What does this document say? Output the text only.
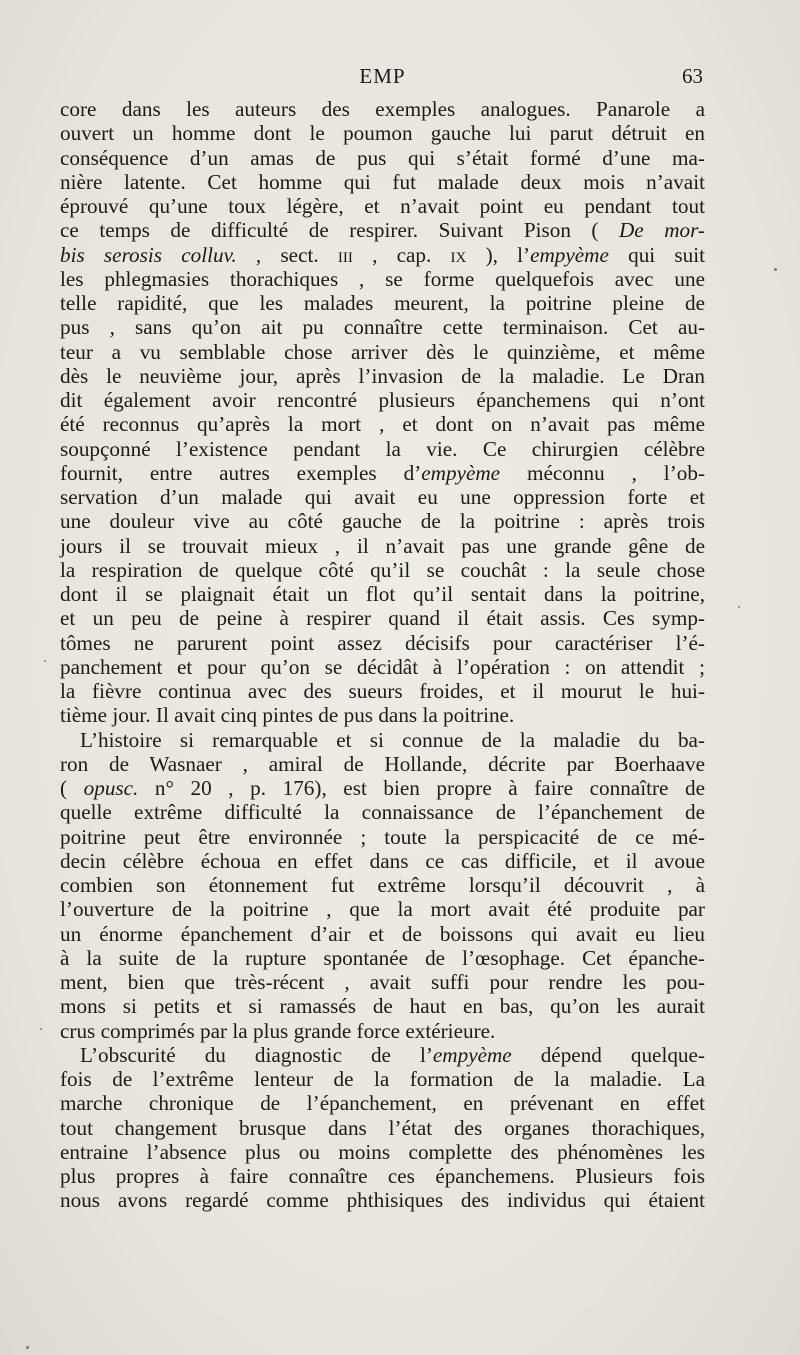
EMP	63
core dans les auteurs des exemples analogues. Panarole a
ouvert un homme dont le poumon gauche lui parut détruit en
conséquence d’un amas de pus qui s’était formé d’une ma-
nière latente. Cet homme qui fut malade deux mois n’avait
éprouvé qu’une toux légère, et n’avait point eu pendant tout
ce temps de difficulté de respirer. Suivant Pison ( De mor-
bis serosis colluv. , sect. iii , cap. ix ), l’empyème qui suit
les phlegmasies thorachiques , se forme quelquefois avec une
telle rapidité, que les malades meurent, la poitrine pleine de
pus , sans qu’on ait pu connaître cette terminaison. Cet au-
teur a vu semblable chose arriver dès le quinzième, et même
dès le neuvième jour, après l’invasion de la maladie. Le Dran
dit également avoir rencontré plusieurs épanchemens qui n’ont
été reconnus qu’après la mort , et dont on n’avait pas même
soupçonné l’existence pendant la vie. Ce chirurgien célèbre
fournit, entre autres exemples d’empyème méconnu , l’ob-
servation d’un malade qui avait eu une oppression forte et
une douleur vive au côté gauche de la poitrine : après trois
jours il se trouvait mieux , il n’avait pas une grande gêne de
la respiration de quelque côté qu’il se couchât : la seule chose
dont il se plaignait était un flot qu’il sentait dans la poitrine,
et un peu de peine à respirer quand il était assis. Ces symp-
tômes ne parurent point assez décisifs pour caractériser l’é-
panchement et pour qu’on se décidât à l’opération : on attendit ;
la fièvre continua avec des sueurs froides, et il mourut le hui-
tième jour. Il avait cinq pintes de pus dans la poitrine.
L’histoire si remarquable et si connue de la maladie du ba-
ron de Wasnaer , amiral de Hollande, décrite par Boerhaave
( opusc. n° 20 , p. 176), est bien propre à faire connaître de
quelle extrême difficulté la connaissance de l’épanchement de
poitrine peut être environnée ; toute la perspicacité de ce mé-
decin célèbre échoua en effet dans ce cas difficile, et il avoue
combien son étonnement fut extrême lorsqu’il découvrit , à
l’ouverture de la poitrine , que la mort avait été produite par
un énorme épanchement d’air et de boissons qui avait eu lieu
à la suite de la rupture spontanée de l’œsophage. Cet épanche-
ment, bien que très-récent , avait suffi pour rendre les pou-
mons si petits et si ramassés de haut en bas, qu’on les aurait
crus comprimés par la plus grande force extérieure.
L’obscurité du diagnostic de l’empyème dépend quelque-
fois de l’extrême lenteur de la formation de la maladie. La
marche chronique de l’épanchement, en prévenant en effet
tout changement brusque dans l’état des organes thorachiques,
entraine l’absence plus ou moins complette des phénomènes les
plus propres à faire connaître ces épanchemens. Plusieurs fois
nous avons regardé comme phthisiques des individus qui étaient
